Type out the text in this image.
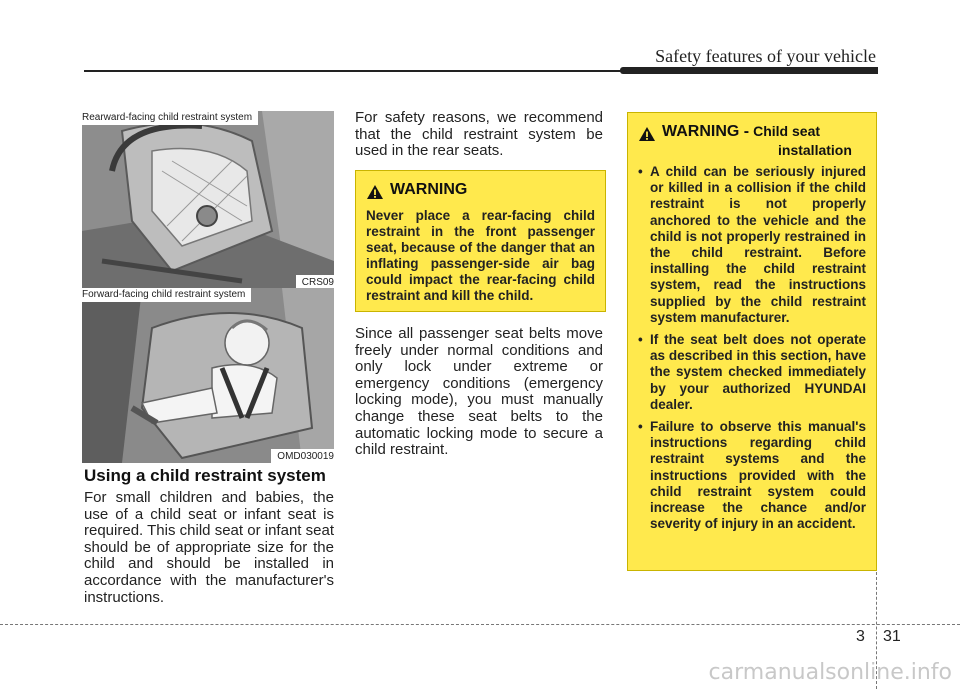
Safety features of your vehicle
Rearward-facing child restraint system
CRS09
Forward-facing child restraint system
OMD030019
Using a child restraint system

For small children and babies, the use of a child seat or infant seat is required. This child seat or infant seat should be of appropriate size for the child and should be installed in accordance with the manufacturer's instructions.

For safety reasons, we recommend that the child restraint system be used in the rear seats.

WARNING

Never place a rear-facing child restraint in the front passenger seat, because of the danger that an inflating passenger-side air bag could impact the rear-facing child restraint and kill the child.

Since all passenger seat belts move freely under normal conditions and only lock under extreme or emergency conditions (emergency locking mode), you must manually change these seat belts to the automatic locking mode to secure a child restraint.

WARNING - Child seat
installation
• A child can be seriously injured or killed in a collision if the child restraint is not properly anchored to the vehicle and the child is not properly restrained in the child restraint. Before installing the child restraint system, read the instructions supplied by the child restraint system manufacturer.
• If the seat belt does not operate as described in this section, have the system checked immediately by your authorized HYUNDAI dealer.
• Failure to observe this manual's instructions regarding child restraint systems and the instructions provided with the child restraint system could increase the chance and/or severity of injury in an accident.
3 31
carmanualsonline.info
